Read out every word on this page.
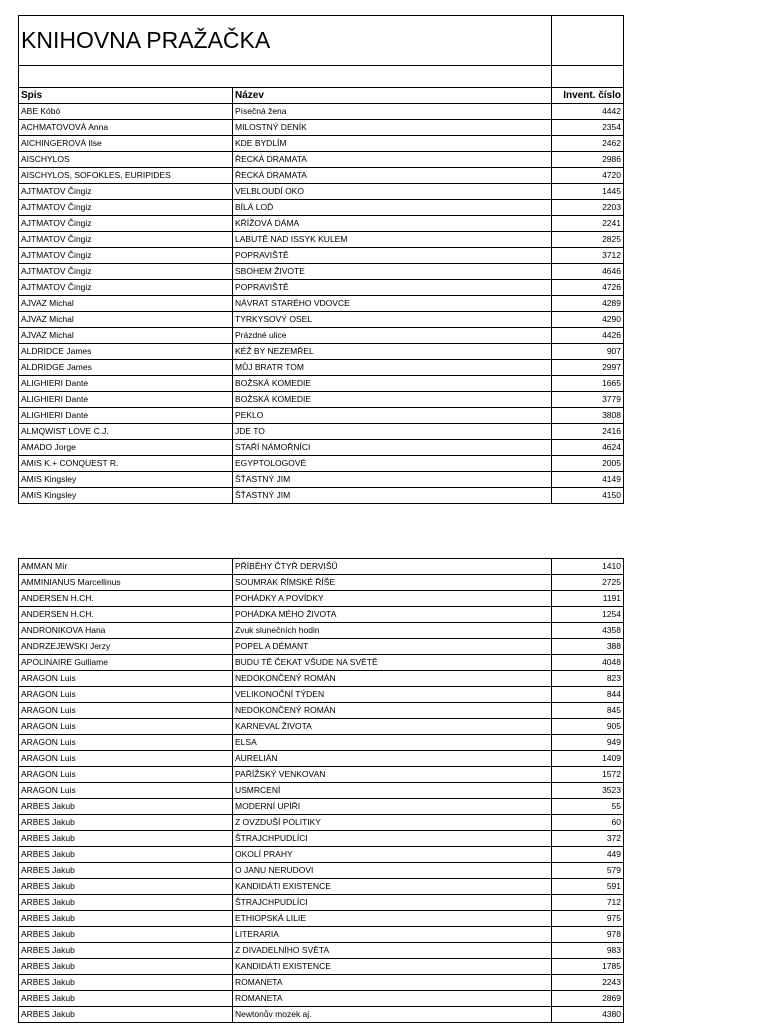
KNIHOVNA PRAŽAČKA		

Spis	Název	Invent. číslo
ABE Kóbó	Písečná žena	4442
ACHMATOVOVÁ Anna	MILOSTNÝ DENÍK	2354
AICHINGEROVÁ Ilse	KDE BYDLÍM	2462
AISCHYLOS	ŘECKÁ DRAMATA	2986
AISCHYLOS, SOFOKLES, EURIPIDES	ŘECKÁ DRAMATA	4720
AJTMATOV Čingiz	VELBLOUDÍ OKO	1445
AJTMATOV Čingiz	BÍLÁ LOĎ	2203
AJTMATOV Čingiz	KŘÍŽOVÁ DÁMA	2241
AJTMATOV Čingiz	LABUTĚ NAD ISSYK KULEM	2825
AJTMATOV Čingiz	POPRAVIŠTĚ	3712
AJTMATOV Čingiz	SBOHEM ŽIVOTE	4646
AJTMATOV Čingiz	POPRAVIŠTĚ	4726
AJVAZ Michal	NÁVRAT STARÉHO VDOVCE	4289
AJVAZ Michal	TYRKYSOVÝ OSEL	4290
AJVAZ Michal	Prázdné ulice	4426
ALDRIDCE James	KÉŽ BY NEZEMŘEL	907
ALDRIDGE James	MŮJ BRATR TOM	2997
ALIGHIERI Dante	BOŽSKÁ KOMEDIE	1665
ALIGHIERI Dante	BOŽSKÁ KOMEDIE	3779
ALIGHIERI Dante	PEKLO	3808
ALMQWIST LOVE C.J.	JDE TO	2416
AMADO Jorge	STAŘÍ NÁMOŘNÍCI	4624
AMIS K.+ CONQUEST R.	EGYPTOLOGOVÉ	2005
AMIS Kingsley	ŠŤASTNÝ JIM	4149
AMIS Kingsley	ŠŤASTNÝ JIM	4150
AMMAN Mír	PŘÍBĚHY ČTYŘ DERVIŠŮ	1410
AMMINIANUS Marcellinus	SOUMRAK ŘÍMSKÉ ŘÍŠE	2725
ANDERSEN H.CH.	POHÁDKY A POVÍDKY	1191
ANDERSEN H.CH.	POHÁDKA MÉHO ŽIVOTA	1254
ANDRONIKOVA Hana	Zvuk slunečních hodin	4358
ANDRZEJEWSKI Jerzy	POPEL A DÉMANT	388
APOLINAIRE Gulliame	BUDU TĚ ČEKAT VŠUDE NA SVĚTĚ	4048
ARAGON Luis	NEDOKONČENÝ ROMÁN	823
ARAGON Luis	VELIKONOČNÍ TÝDEN	844
ARAGON Luis	NEDOKONČENÝ ROMÁN	845
ARAGON Luis	KARNEVAL ŽIVOTA	905
ARAGON Luis	ELSA	949
ARAGON Luis	AURELIÁN	1409
ARAGON Luis	PAŘÍŽSKÝ VENKOVAN	1572
ARAGON Luis	USMRCENÍ	3523
ARBES Jakub	MODERNÍ UPÍŘI	55
ARBES Jakub	Z OVZDUŠÍ POLITIKY	60
ARBES Jakub	ŠTRAJCHPUDLÍCI	372
ARBES Jakub	OKOLÍ PRAHY	449
ARBES Jakub	O JANU NERUDOVI	579
ARBES Jakub	KANDIDÁTI EXISTENCE	591
ARBES Jakub	ŠTRAJCHPUDLÍCI	712
ARBES Jakub	ETHIOPSKÁ LILIE	975
ARBES Jakub	LITERARIA	978
ARBES Jakub	Z DIVADELNÍHO SVĚTA	983
ARBES Jakub	KANDIDÁTI EXISTENCE	1785
ARBES Jakub	ROMANETA	2243
ARBES Jakub	ROMANETA	2869
ARBES Jakub	Newtonův mozek aj.	4380
